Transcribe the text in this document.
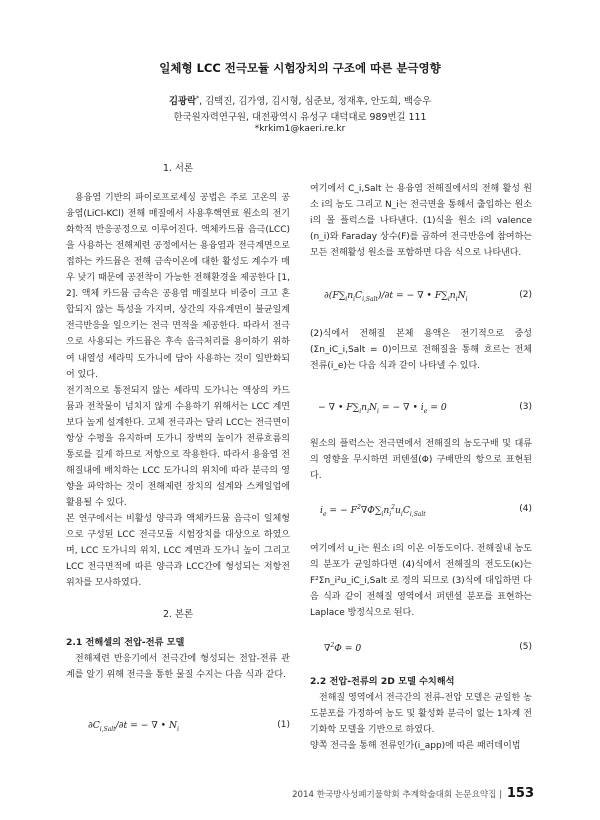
일체형 LCC 전극모듈 시험장치의 구조에 따른 분극영향
김광락*, 김택진, 김가영, 김시형, 심준보, 정재후, 안도희, 백승우
한국원자력연구원, 대전광역시 유성구 대덕대로 989번길 111
*krkim1@kaeri.re.kr
1. 서론

용융염 기반의 파이로프로세싱 공법은 주로 고온의 공융염(LiCl-KCl) 전해 매질에서 사용후핵연료 원소의 전기화학적 반응공정으로 이루어진다. 액체카드뮴 음극(LCC)을 사용하는 전해제련 공정에서는 용융염과 전극계면으로 접하는 카드뮴은 전해 금속이온에 대한 활성도 계수가 매우 낮기 때문에 공전착이 가능한 전해환경을 제공한다 [1, 2]. 액체 카드뮴 금속은 공용염 매질보다 비중이 크고 혼합되지 않는 특성을 가지며, 상간의 자유계면이 불균일계 전극반응을 일으키는 전극 면적을 제공한다. 따라서 전극으로 사용되는 카드뮴은 후속 음극처리를 용이하기 위하여 내열성 세라믹 도가니에 담아 사용하는 것이 일반화되어 있다.

전기적으로 통전되지 않는 세라믹 도가니는 액상의 카드뮴과 전착물이 넘치지 않게 수용하기 위해서는 LCC 계면보다 높게 설계한다. 고체 전극과는 달리 LCC는 전극면이 항상 수평을 유지하며 도가니 장벽의 높이가 전류흐름의 통로를 길게 하므로 저항으로 작용한다. 따라서 용융염 전해질내에 배치하는 LCC 도가니의 위치에 따라 분극의 영향을 파악하는 것이 전해제련 장치의 설계와 스케일업에 활용될 수 있다.

본 연구에서는 비활성 양극과 액체카드뮴 음극이 일체형으로 구성된 LCC 전극모듈 시험장치를 대상으로 하였으며, LCC 도가니의 위치, LCC 계면과 도가니 높이 그리고 LCC 전극면적에 따른 양극과 LCC간에 형성되는 저항전위차를 모사하였다.

2. 본론
2.1 전해셀의 전압-전류 모델

전해제련 반응기에서 전극간에 형성되는 전압-전류 관계를 알기 위해 전극을 통한 물질 수지는 다음 식과 같다.

$\partial C_{i,Salt}/\partial t$ = − ∇ • $N_i$	(1)

여기에서 C_i,Salt 는 용융염 전해질에서의 전해 활성 원소 i의 농도 그리고 N_i는 전극면을 통해서 출입하는 원소 i의 몰 플럭스를 나타낸다. (1)식을 원소 i의 valence (n_i)와 Faraday 상수(F)를 곱하여 전극반응에 참여하는 모든 전해활성 원소를 포함하면 다음 식으로 나타낸다.

$\partial(F\sum_in_iC_{i,Salt})/\partial t$ = − ∇ • $F\sum_in_iN_i$	(2)

(2)식에서 전해질 본체 용액은 전기적으로 중성 (Σn_iC_i,Salt = 0)이므로 전해질을 통해 흐르는 전체 전류(i_e)는 다음 식과 같이 나타낼 수 있다.

− ∇ • $F\sum_in_iN_i$ = − ∇ • $i_e = 0$	(3)

원소의 플럭스는 전극면에서 전해질의 농도구배 및 대류의 영향을 무시하면 퍼텐셜(Φ) 구배만의 항으로 표현된다.

$i_e$ = − $F^2\nabla\Phi\sum_in_i^2u_iC_{i,Salt}$
(4)

여기에서 u_i는 원소 i의 이온 이동도이다. 전해질내 농도의 분포가 균일하다면 (4)식에서 전해질의 전도도(κ)는 F²Σn_i²u_iC_i,Salt 로 정의 되므로 (3)식에 대입하면 다음 식과 같이 전해질 영역에서 퍼텐셜 분포를 표현하는 Laplace 방정식으로 된다.

∇$^2$Φ = 0	(5)
2.2 전압-전류의 2D 모델 수치해석

전해질 영역에서 전극간의 전류-전압 모델은 균일한 농도분포를 가정하여 농도 및 활성화 분극이 없는 1차계 전기화학 모델을 기반으로 하였다.

양쪽 전극을 통해 전류인가(i_app)에 따른 패러데이법

2014 한국방사성폐기물학회 추계학술대회 논문요약집 | 153
